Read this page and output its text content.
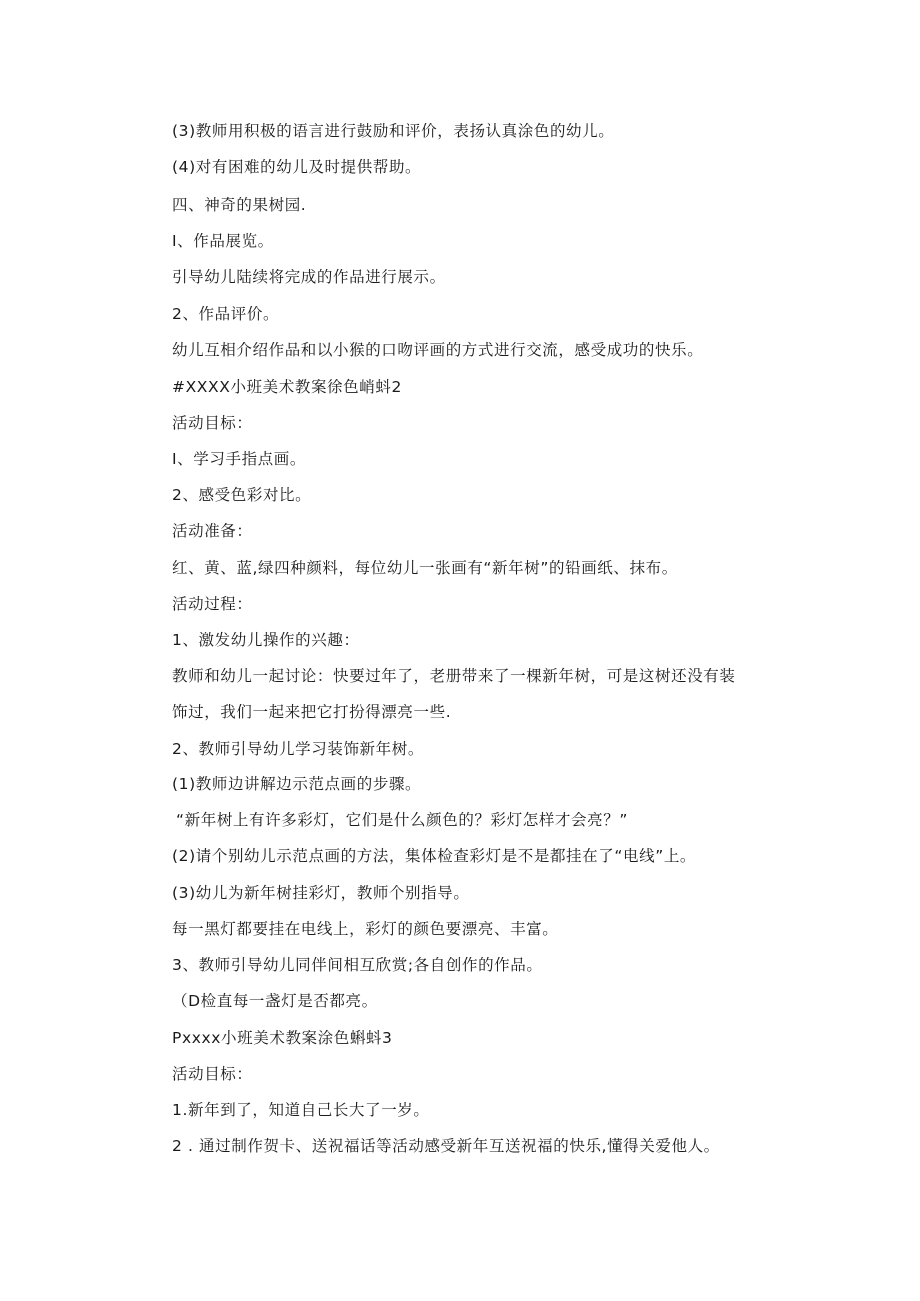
(3)教师用积极的语言进行鼓励和评价，表扬认真涂色的幼儿。
(4)对有困难的幼儿及时提供帮助。
四、神奇的果树园.
I、作品展览。
引导幼儿陆续将完成的作品进行展示。
2、作品评价。
幼儿互相介绍作品和以小猴的口吻评画的方式进行交流，感受成功的快乐。
#XXXX小班美术教案徐色峭蚪2
活动目标：
I、学习手指点画。
2、感受色彩对比。
活动准备：
红、黄、蓝,绿四种颜料，每位幼儿一张画有“新年树”的铅画纸、抹布。
活动过程：
1、激发幼儿操作的兴趣：
教师和幼儿一起讨论：快要过年了，老册带来了一棵新年树，可是这树还没有装
饰过，我们一起来把它打扮得漂亮一些.
2、教师引导幼儿学习装饰新年树。
(1)教师边讲解边示范点画的步骤。
“新年树上有许多彩灯，它们是什么颜色的？彩灯怎样才会亮？”
(2)请个别幼儿示范点画的方法，集体检查彩灯是不是都挂在了“电线”上。
(3)幼儿为新年树挂彩灯，教师个别指导。
每一黑灯都要挂在电线上，彩灯的颜色要漂亮、丰富。
3、教师引导幼儿同伴间相互欣赏;各自创作的作品。
（D检直每一盏灯是否都亮。
Pxxxx小班美术教案涂色蝌蚪3
活动目标：
1.新年到了，知道自己长大了一岁。
2 . 通过制作贺卡、送祝福话等活动感受新年互送祝福的快乐,懂得关爱他人。
